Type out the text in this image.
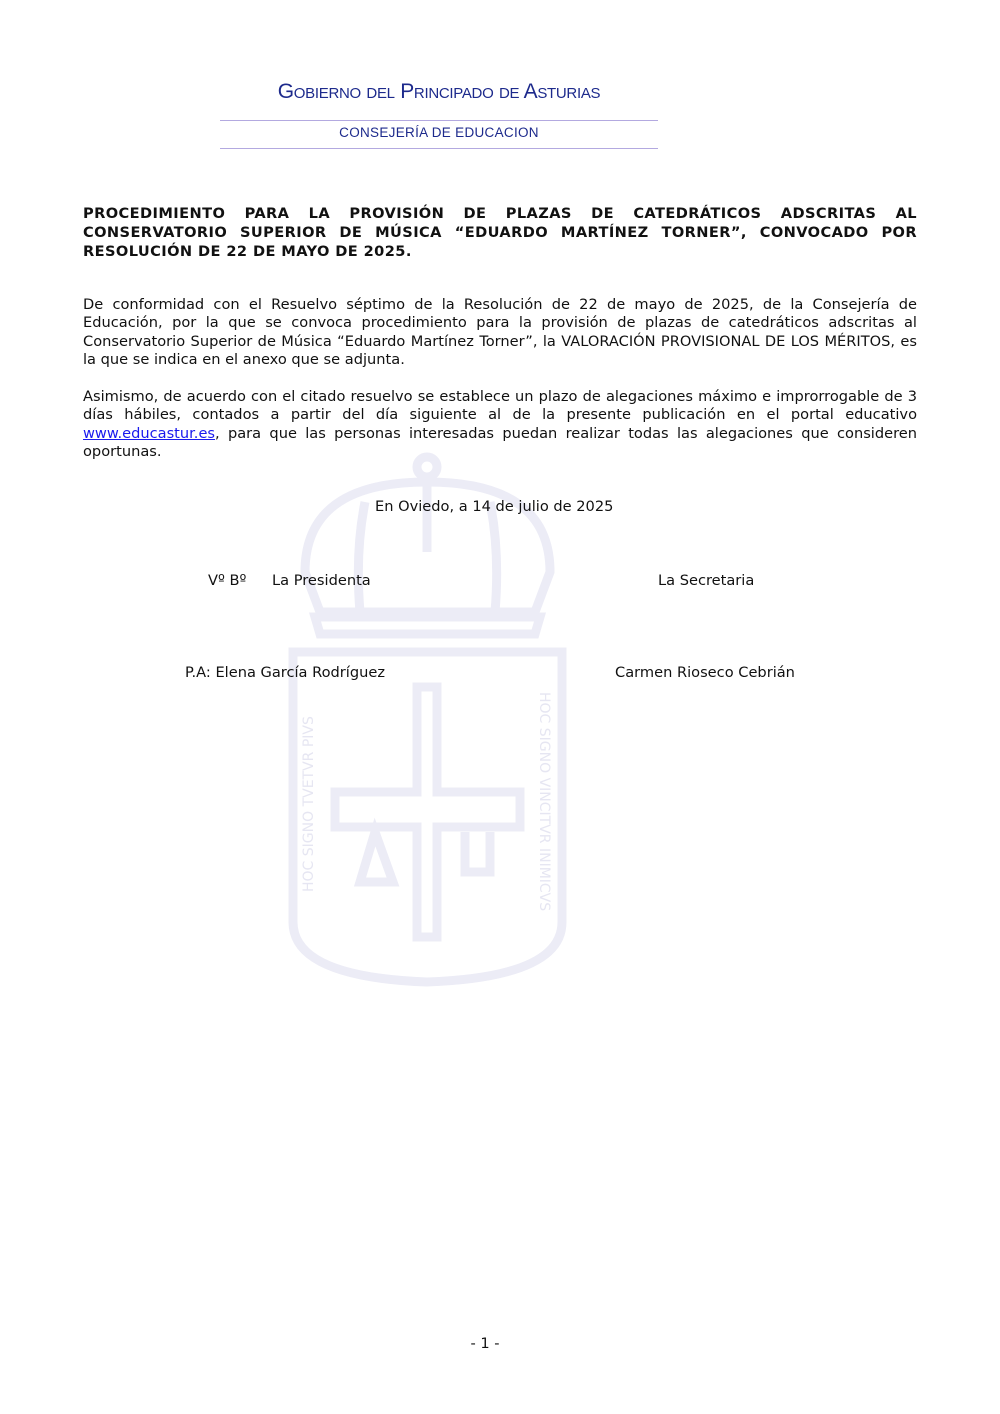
HOC SIGNO TVETVR PIVS	HOC SIGNO VINCITVR INIMICVS
Gobierno del Principado de Asturias
CONSEJERÍA DE EDUCACION
PROCEDIMIENTO PARA LA PROVISIÓN DE PLAZAS DE CATEDRÁTICOS ADSCRITAS AL CONSERVATORIO SUPERIOR DE MÚSICA “EDUARDO MARTÍNEZ TORNER”, CONVOCADO POR RESOLUCIÓN DE 22 DE MAYO DE 2025.
De conformidad con el Resuelvo séptimo de la Resolución de 22 de mayo de 2025, de la Consejería de Educación, por la que se convoca procedimiento para la provisión de plazas de catedráticos adscritas al Conservatorio Superior de Música “Eduardo Martínez Torner”, la VALORACIÓN PROVISIONAL DE LOS MÉRITOS, es la que se indica en el anexo que se adjunta.
Asimismo, de acuerdo con el citado resuelvo se establece un plazo de alegaciones máximo e improrrogable de 3 días hábiles, contados a partir del día siguiente al de la presente publicación en el portal educativo www.educastur.es, para que las personas interesadas puedan realizar todas las alegaciones que consideren oportunas.
En Oviedo, a 14 de julio de 2025
Vº Bº La Presidenta	La Secretaria
P.A: Elena García Rodríguez	Carmen Rioseco Cebrián
- 1 -
